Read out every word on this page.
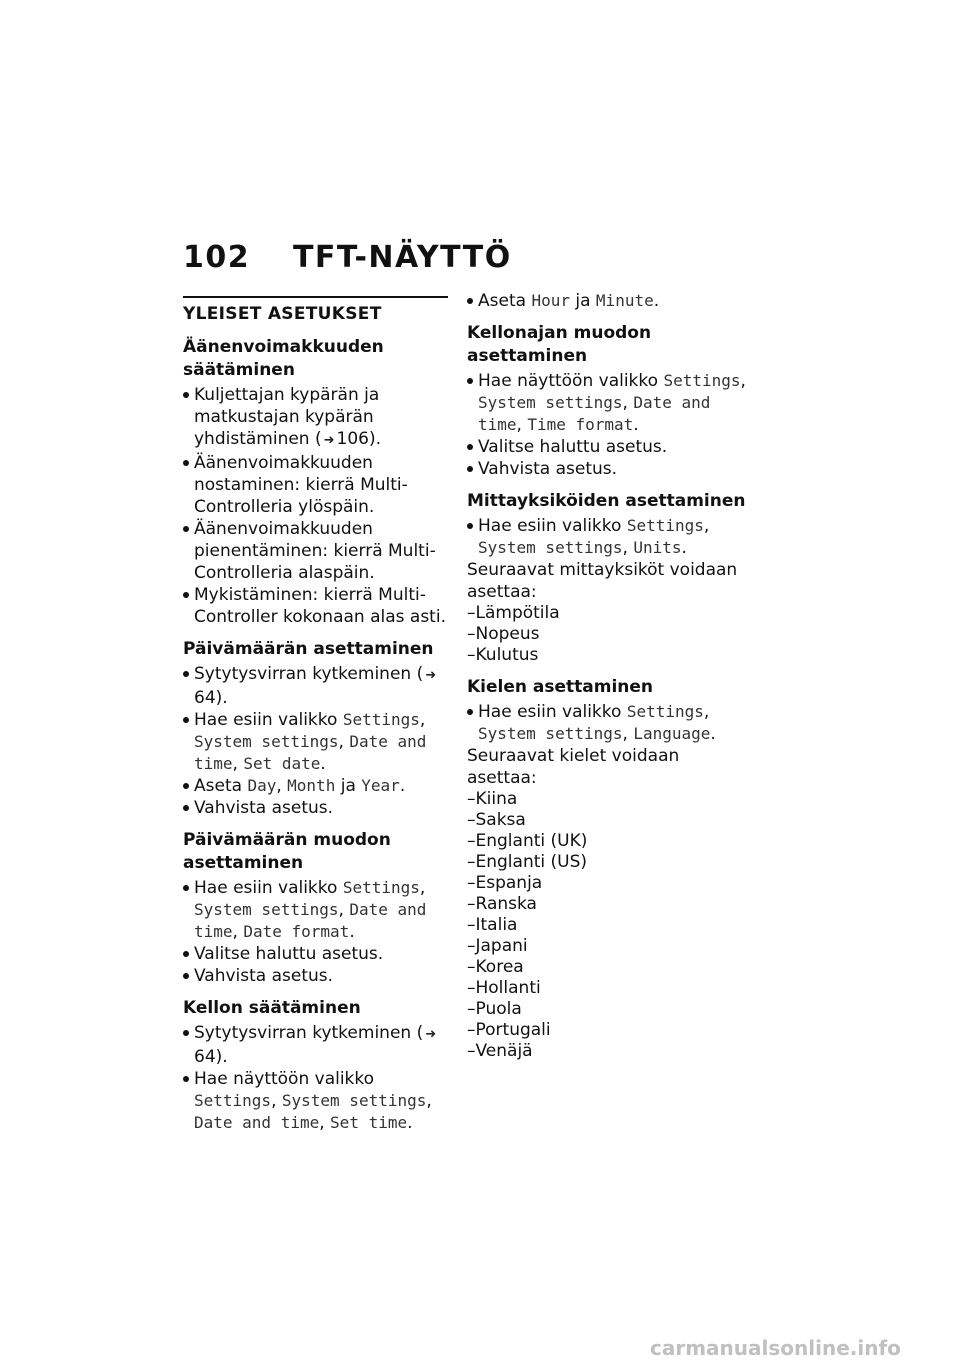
102 TFT-NÄYTTÖ
YLEISET ASETUKSET
Äänenvoimakkuuden säätäminen
Kuljettajan kypärän ja matkustajan kypärän yhdistäminen ( ➜ 106).
Äänenvoimakkuuden nostaminen: kierrä Multi-Controlleria ylöspäin.
Äänenvoimakkuuden pienentäminen: kierrä Multi-Controlleria alaspäin.
Mykistäminen: kierrä Multi-Controller kokonaan alas asti.
Päivämäärän asettaminen
Sytytysvirran kytkeminen ( ➜64).
Hae esiin valikko Settings, System settings, Date and time, Set date.
Aseta Day, Month ja Year.
Vahvista asetus.
Päivämäärän muodon asettaminen
Hae esiin valikko Settings, System settings, Date and time, Date format.
Valitse haluttu asetus.
Vahvista asetus.
Kellon säätäminen
Sytytysvirran kytkeminen ( ➜64).
Hae näyttöön valikko Settings, System settings, Date and time, Set time.
Aseta Hour ja Minute.
Kellonajan muodon asettaminen
Hae näyttöön valikko Settings, System settings, Date and time, Time format.
Valitse haluttu asetus.
Vahvista asetus.
Mittayksiköiden asettaminen
Hae esiin valikko Settings, System settings, Units.
Seuraavat mittayksiköt voidaan asettaa:
– Lämpötila
– Nopeus
– Kulutus
Kielen asettaminen
Hae esiin valikko Settings, System settings, Language.
Seuraavat kielet voidaan asettaa:
– Kiina
– Saksa
– Englanti (UK)
– Englanti (US)
– Espanja
– Ranska
– Italia
– Japani
– Korea
– Hollanti
– Puola
– Portugali
– Venäjä
carmanualsonline.info
